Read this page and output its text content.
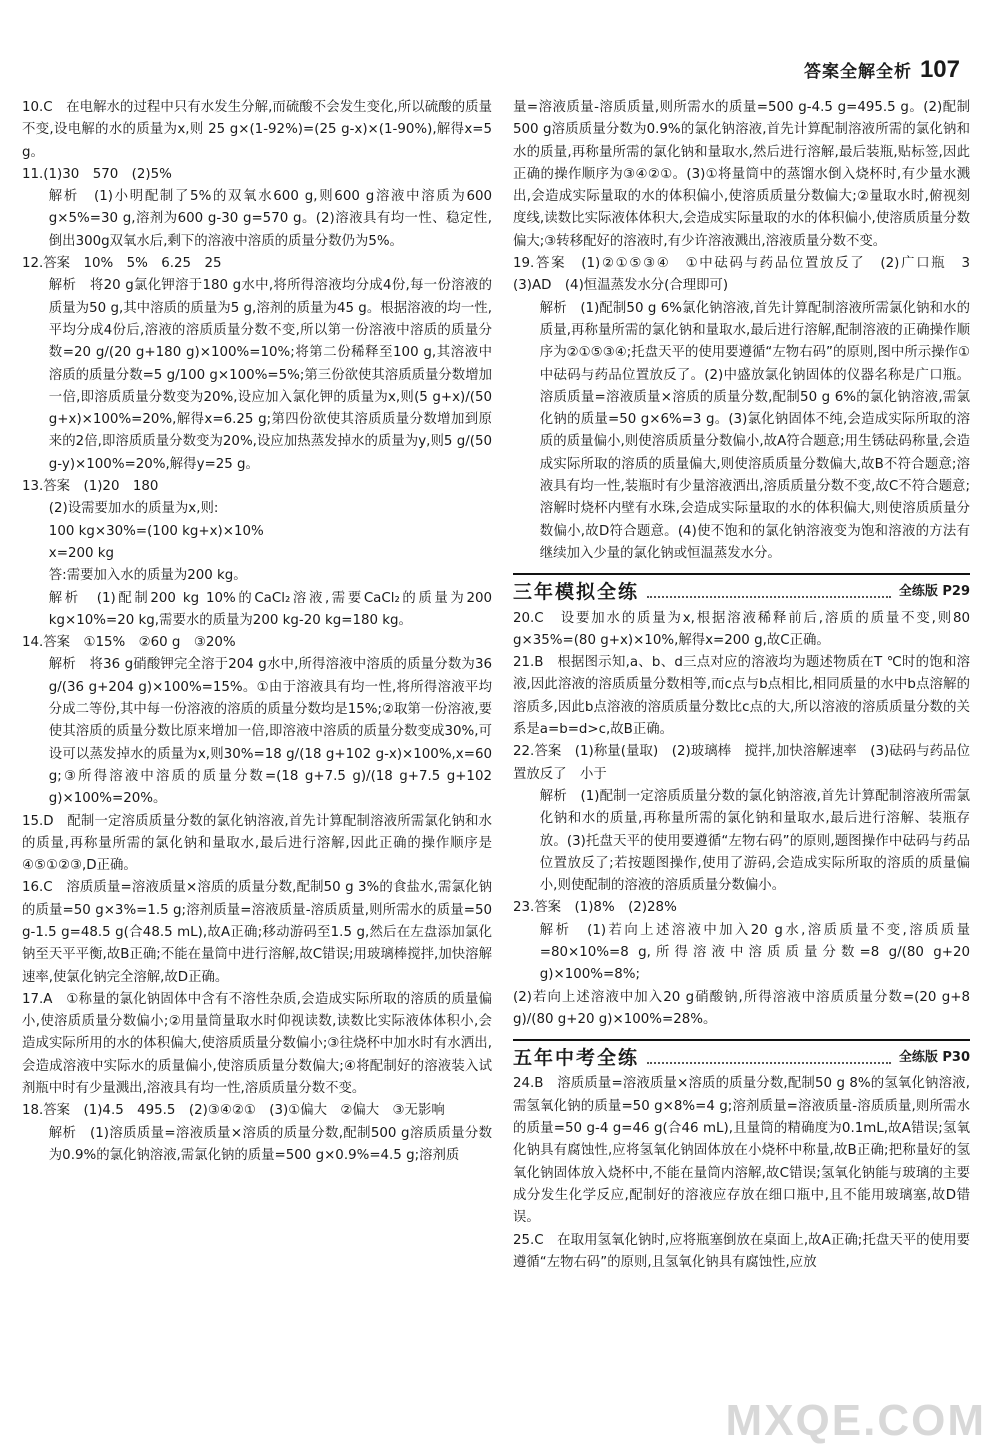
答案全解全析 107

10.C　在电解水的过程中只有水发生分解,而硫酸不会发生变化,所以硫酸的质量不变,设电解的水的质量为x,则 25 g×(1-92%)=(25 g-x)×(1-90%),解得x=5 g。

11.(1)30　570　(2)5%

解析　(1)小明配制了5%的双氧水600 g,则600 g溶液中溶质为600 g×5%=30 g,溶剂为600 g-30 g=570 g。(2)溶液具有均一性、稳定性,倒出300g双氧水后,剩下的溶液中溶质的质量分数仍为5%。

12.答案　10%　5%　6.25　25

解析　将20 g氯化钾溶于180 g水中,将所得溶液均分成4份,每一份溶液的质量为50 g,其中溶质的质量为5 g,溶剂的质量为45 g。根据溶液的均一性,平均分成4份后,溶液的溶质质量分数不变,所以第一份溶液中溶质的质量分数=20 g/(20 g+180 g)×100%=10%;将第二份稀释至100 g,其溶液中溶质的质量分数=5 g/100 g×100%=5%;第三份欲使其溶质质量分数增加一倍,即溶质质量分数变为20%,设应加入氯化钾的质量为x,则(5 g+x)/(50 g+x)×100%=20%,解得x=6.25 g;第四份欲使其溶质质量分数增加到原来的2倍,即溶质质量分数变为20%,设应加热蒸发掉水的质量为y,则5 g/(50 g-y)×100%=20%,解得y=25 g。

13.答案　(1)20　180

(2)设需要加水的质量为x,则:

100 kg×30%=(100 kg+x)×10%

x=200 kg

答:需要加入水的质量为200 kg。

解析　(1)配制200 kg 10%的CaCl₂溶液,需要CaCl₂的质量为200 kg×10%=20 kg,需要水的质量为200 kg-20 kg=180 kg。

14.答案　①15%　②60 g　③20%

解析　将36 g硝酸钾完全溶于204 g水中,所得溶液中溶质的质量分数为36 g/(36 g+204 g)×100%=15%。①由于溶液具有均一性,将所得溶液平均分成二等份,其中每一份溶液的溶质的质量分数均是15%;②取第一份溶液,要使其溶质的质量分数比原来增加一倍,即溶液中溶质的质量分数变成30%,可设可以蒸发掉水的质量为x,则30%=18 g/(18 g+102 g-x)×100%,x=60 g;③所得溶液中溶质的质量分数=(18 g+7.5 g)/(18 g+7.5 g+102 g)×100%=20%。

15.D　配制一定溶质质量分数的氯化钠溶液,首先计算配制溶液所需氯化钠和水的质量,再称量所需的氯化钠和量取水,最后进行溶解,因此正确的操作顺序是④⑤①②③,D正确。

16.C　溶质质量=溶液质量×溶质的质量分数,配制50 g 3%的食盐水,需氯化钠的质量=50 g×3%=1.5 g;溶剂质量=溶液质量-溶质质量,则所需水的质量=50 g-1.5 g=48.5 g(合48.5 mL),故A正确;移动游码至1.5 g,然后在左盘添加氯化钠至天平平衡,故B正确;不能在量筒中进行溶解,故C错误;用玻璃棒搅拌,加快溶解速率,使氯化钠完全溶解,故D正确。

17.A　①称量的氯化钠固体中含有不溶性杂质,会造成实际所取的溶质的质量偏小,使溶质质量分数偏小;②用量筒量取水时仰视读数,读数比实际液体体积小,会造成实际所用的水的体积偏大,使溶质质量分数偏小;③往烧杯中加水时有水洒出,会造成溶液中实际水的质量偏小,使溶质质量分数偏大;④将配制好的溶液装入试剂瓶中时有少量溅出,溶液具有均一性,溶质质量分数不变。

18.答案　(1)4.5　495.5　(2)③④②①　(3)①偏大　②偏大　③无影响

解析　(1)溶质质量=溶液质量×溶质的质量分数,配制500 g溶质质量分数为0.9%的氯化钠溶液,需氯化钠的质量=500 g×0.9%=4.5 g;溶剂质

量=溶液质量-溶质质量,则所需水的质量=500 g-4.5 g=495.5 g。(2)配制500 g溶质质量分数为0.9%的氯化钠溶液,首先计算配制溶液所需的氯化钠和水的质量,再称量所需的氯化钠和量取水,然后进行溶解,最后装瓶,贴标签,因此正确的操作顺序为③④②①。(3)①将量筒中的蒸馏水倒入烧杯时,有少量水溅出,会造成实际量取的水的体积偏小,使溶质质量分数偏大;②量取水时,俯视刻度线,读数比实际液体体积大,会造成实际量取的水的体积偏小,使溶质质量分数偏大;③转移配好的溶液时,有少许溶液溅出,溶液质量分数不变。

19.答案　(1)②①⑤③④　①中砝码与药品位置放反了　(2)广口瓶　3　(3)AD　(4)恒温蒸发水分(合理即可)

解析　(1)配制50 g 6%氯化钠溶液,首先计算配制溶液所需氯化钠和水的质量,再称量所需的氯化钠和量取水,最后进行溶解,配制溶液的正确操作顺序为②①⑤③④;托盘天平的使用要遵循“左物右码”的原则,图中所示操作①中砝码与药品位置放反了。(2)中盛放氯化钠固体的仪器名称是广口瓶。溶质质量=溶液质量×溶质的质量分数,配制50 g 6%的氯化钠溶液,需氯化钠的质量=50 g×6%=3 g。(3)氯化钠固体不纯,会造成实际所取的溶质的质量偏小,则使溶质质量分数偏小,故A符合题意;用生锈砝码称量,会造成实际所取的溶质的质量偏大,则使溶质质量分数偏大,故B不符合题意;溶液具有均一性,装瓶时有少量溶液洒出,溶质质量分数不变,故C不符合题意;溶解时烧杯内壁有水珠,会造成实际量取的水的体积偏大,则使溶质质量分数偏小,故D符合题意。(4)使不饱和的氯化钠溶液变为饱和溶液的方法有继续加入少量的氯化钠或恒温蒸发水分。

三年模拟全练	全练版 P29

20.C　设要加水的质量为x,根据溶液稀释前后,溶质的质量不变,则80 g×35%=(80 g+x)×10%,解得x=200 g,故C正确。

21.B　根据图示知,a、b、d三点对应的溶液均为题述物质在T ℃时的饱和溶液,因此溶液的溶质质量分数相等,而c点与b点相比,相同质量的水中b点溶解的溶质多,因此b点溶液的溶质质量分数比c点的大,所以溶液的溶质质量分数的关系是a=b=d>c,故B正确。

22.答案　(1)称量(量取)　(2)玻璃棒　搅拌,加快溶解速率　(3)砝码与药品位置放反了　小于

解析　(1)配制一定溶质质量分数的氯化钠溶液,首先计算配制溶液所需氯化钠和水的质量,再称量所需的氯化钠和量取水,最后进行溶解、装瓶存放。(3)托盘天平的使用要遵循“左物右码”的原则,题图操作中砝码与药品位置放反了;若按题图操作,使用了游码,会造成实际所取的溶质的质量偏小,则使配制的溶液的溶质质量分数偏小。

23.答案　(1)8%　(2)28%

解析　(1)若向上述溶液中加入20 g水,溶质质量不变,溶质质量=80×10%=8 g,所得溶液中溶质质量分数=8 g/(80 g+20 g)×100%=8%;

(2)若向上述溶液中加入20 g硝酸钠,所得溶液中溶质质量分数=(20 g+8 g)/(80 g+20 g)×100%=28%。

五年中考全练	全练版 P30

24.B　溶质质量=溶液质量×溶质的质量分数,配制50 g 8%的氢氧化钠溶液,需氢氧化钠的质量=50 g×8%=4 g;溶剂质量=溶液质量-溶质质量,则所需水的质量=50 g-4 g=46 g(合46 mL),且量筒的精确度为0.1mL,故A错误;氢氧化钠具有腐蚀性,应将氢氧化钠固体放在小烧杯中称量,故B正确;把称量好的氢氧化钠固体放入烧杯中,不能在量筒内溶解,故C错误;氢氧化钠能与玻璃的主要成分发生化学反应,配制好的溶液应存放在细口瓶中,且不能用玻璃塞,故D错误。

25.C　在取用氢氧化钠时,应将瓶塞倒放在桌面上,故A正确;托盘天平的使用要遵循“左物右码”的原则,且氢氧化钠具有腐蚀性,应放

MXQE.COM
